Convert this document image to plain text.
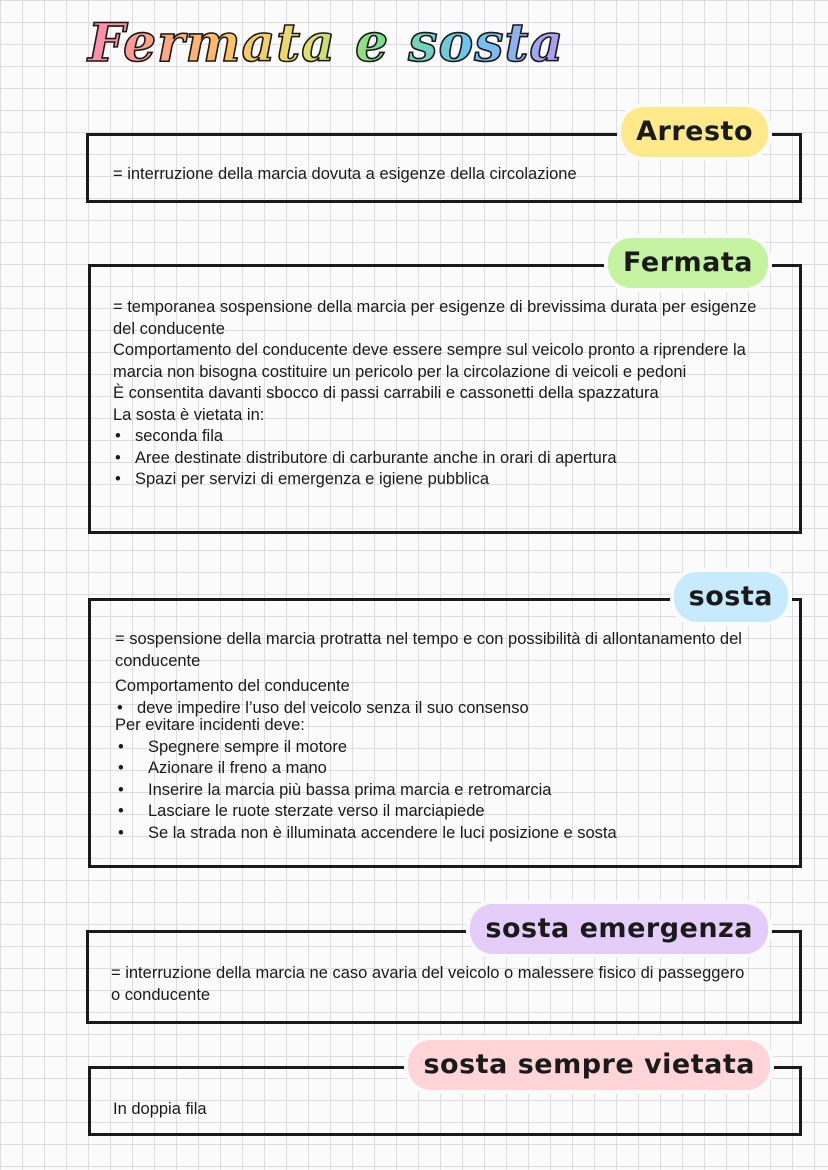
Fermata e sosta
Arresto

= interruzione della marcia dovuta a esigenze della circolazione

Fermata

= temporanea sospensione della marcia per esigenze di brevissima durata per esigenze del conducente

Comportamento del conducente deve essere sempre sul veicolo pronto a riprendere la marcia non bisogna costituire un pericolo per la circolazione di veicoli e pedoni

È consentita davanti sbocco di passi carrabili e cassonetti della spazzatura

La sosta è vietata in:

• seconda fila
• Aree destinate distributore di carburante anche in orari di apertura
• Spazi per servizi di emergenza e igiene pubblica
sosta

= sospensione della marcia protratta nel tempo e con possibilità di allontanamento del conducente

Comportamento del conducente

• deve impedire l’uso del veicolo senza il suo consenso

Per evitare incidenti deve:

• Spegnere sempre il motore
• Azionare il freno a mano
• Inserire la marcia più bassa prima marcia e retromarcia
• Lasciare le ruote sterzate verso il marciapiede
• Se la strada non è illuminata accendere le luci posizione e sosta
sosta emergenza

= interruzione della marcia ne caso avaria del veicolo o malessere fisico di passeggero o conducente

sosta sempre vietata

In doppia fila
